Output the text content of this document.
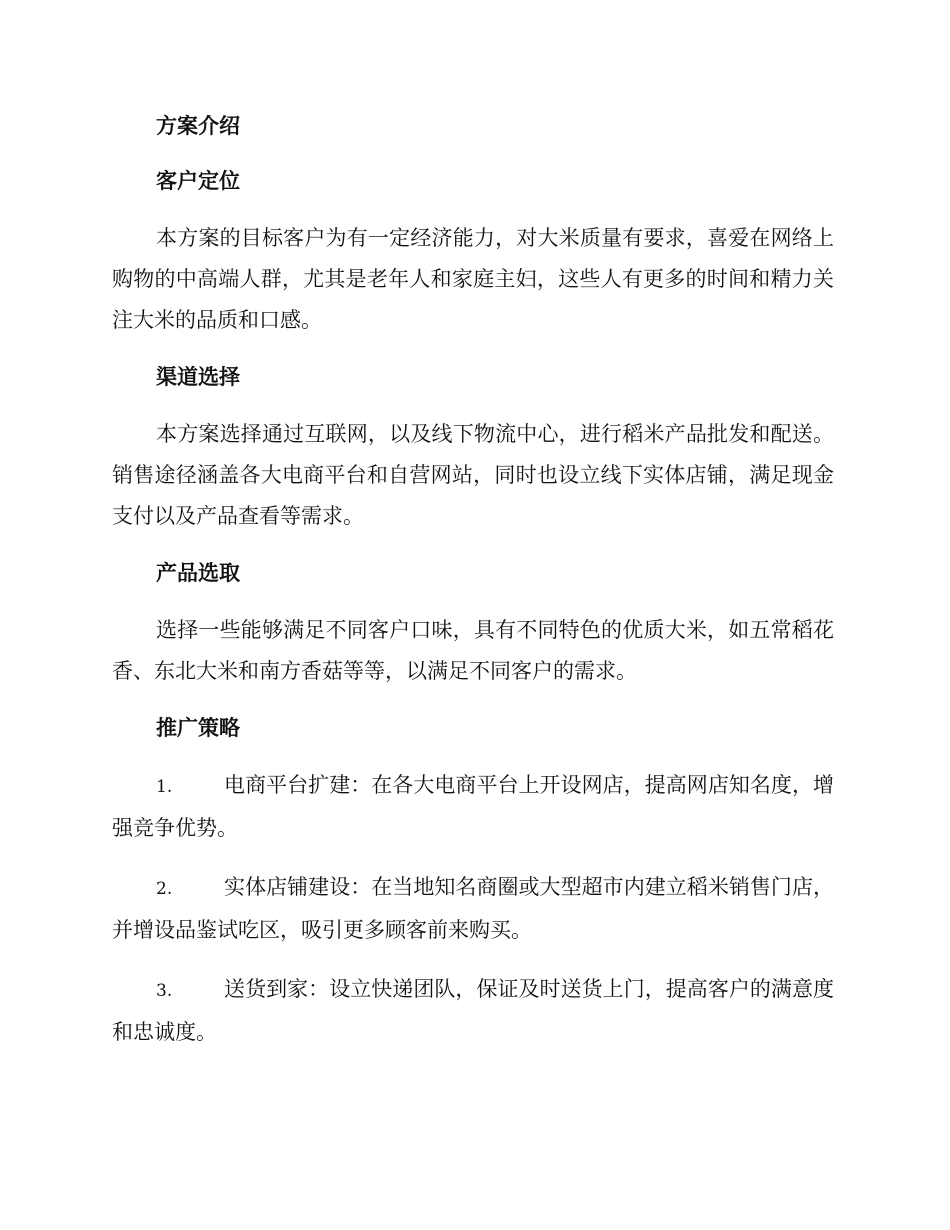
方案介绍
客户定位

本方案的目标客户为有一定经济能力，对大米质量有要求，喜爱在网络上购物的中高端人群，尤其是老年人和家庭主妇，这些人有更多的时间和精力关注大米的品质和口感。

渠道选择

本方案选择通过互联网，以及线下物流中心，进行稻米产品批发和配送。销售途径涵盖各大电商平台和自营网站，同时也设立线下实体店铺，满足现金支付以及产品查看等需求。

产品选取

选择一些能够满足不同客户口味，具有不同特色的优质大米，如五常稻花香、东北大米和南方香菇等等，以满足不同客户的需求。

推广策略
1. 电商平台扩建：在各大电商平台上开设网店，提高网店知名度，增强竞争优势。
2. 实体店铺建设：在当地知名商圈或大型超市内建立稻米销售门店，并增设品鉴试吃区，吸引更多顾客前来购买。
3. 送货到家：设立快递团队，保证及时送货上门，提高客户的满意度和忠诚度。
